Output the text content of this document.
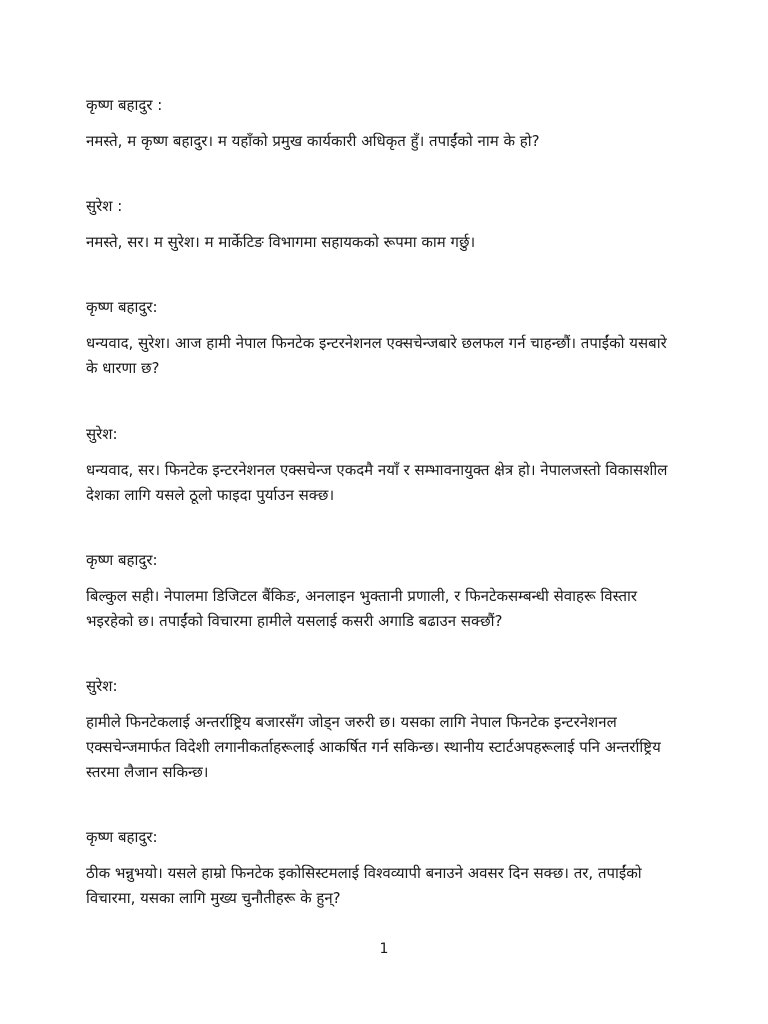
कृष्ण बहादुर :

नमस्ते, म कृष्ण बहादुर। म यहाँको प्रमुख कार्यकारी अधिकृत हुँ। तपाईंको नाम के हो?

सुरेश :

नमस्ते, सर। म सुरेश। म मार्केटिङ विभागमा सहायकको रूपमा काम गर्छु।

कृष्ण बहादुर:

धन्यवाद, सुरेश। आज हामी नेपाल फिनटेक इन्टरनेशनल एक्सचेन्जबारे छलफल गर्न चाहन्छौं। तपाईंको यसबारे के धारणा छ?

सुरेश:

धन्यवाद, सर। फिनटेक इन्टरनेशनल एक्सचेन्ज एकदमै नयाँ र सम्भावनायुक्त क्षेत्र हो। नेपालजस्तो विकासशील देशका लागि यसले ठूलो फाइदा पुर्याउन सक्छ।

कृष्ण बहादुर:

बिल्कुल सही। नेपालमा डिजिटल बैंकिङ, अनलाइन भुक्तानी प्रणाली, र फिनटेकसम्बन्धी सेवाहरू विस्तार भइरहेको छ। तपाईंको विचारमा हामीले यसलाई कसरी अगाडि बढाउन सक्छौं?

सुरेश:

हामीले फिनटेकलाई अन्तर्राष्ट्रिय बजारसँग जोड्न जरुरी छ। यसका लागि नेपाल फिनटेक इन्टरनेशनल एक्सचेन्जमार्फत विदेशी लगानीकर्ताहरूलाई आकर्षित गर्न सकिन्छ। स्थानीय स्टार्टअपहरूलाई पनि अन्तर्राष्ट्रिय स्तरमा लैजान सकिन्छ।

कृष्ण बहादुर:

ठीक भन्नुभयो। यसले हाम्रो फिनटेक इकोसिस्टमलाई विश्वव्यापी बनाउने अवसर दिन सक्छ। तर, तपाईंको विचारमा, यसका लागि मुख्य चुनौतीहरू के हुन्?

1
